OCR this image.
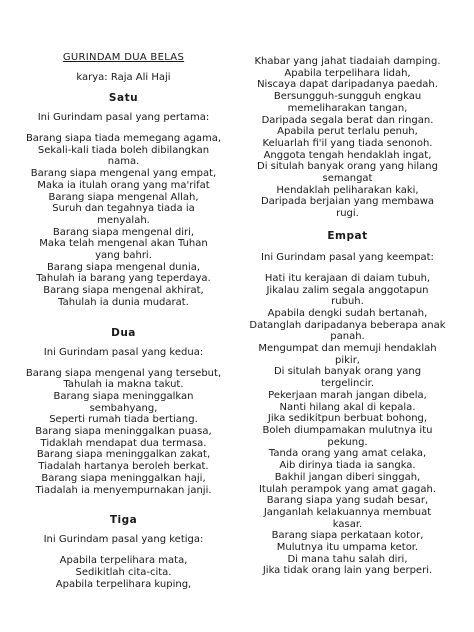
GURINDAM DUA BELAS
karya: Raja Ali Haji
Satu
Ini Gurindam pasal yang pertama:
Barang siapa tiada memegang agama,
Sekali-kali tiada boleh dibilangkan
nama.
Barang siapa mengenal yang empat,
Maka ia itulah orang yang ma'rifat
Barang siapa mengenal Allah,
Suruh dan tegahnya tiada ia
menyalah.
Barang siapa mengenal diri,
Maka telah mengenal akan Tuhan
yang bahri.
Barang siapa mengenal dunia,
Tahulah ia barang yang teperdaya.
Barang siapa mengenal akhirat,
Tahulah ia dunia mudarat.
Dua
Ini Gurindam pasal yang kedua:
Barang siapa mengenal yang tersebut,
Tahulah ia makna takut.
Barang siapa meninggalkan
sembahyang,
Seperti rumah tiada bertiang.
Barang siapa meninggalkan puasa,
Tidaklah mendapat dua termasa.
Barang siapa meninggalkan zakat,
Tiadalah hartanya beroleh berkat.
Barang siapa meninggalkan haji,
Tiadalah ia menyempurnakan janji.
Tiga
Ini Gurindam pasal yang ketiga:
Apabila terpelihara mata,
Sedikitlah cita-cita.
Apabila terpelihara kuping,
Khabar yang jahat tiadaiah damping.
Apabila terpelihara lidah,
Niscaya dapat daripadanya paedah.
Bersungguh-sungguh engkau
memeliharakan tangan,
Daripada segala berat dan ringan.
Apabila perut terlalu penuh,
Keluarlah fi'il yang tiada senonoh.
Anggota tengah hendaklah ingat,
Di situlah banyak orang yang hilang
semangat
Hendaklah peliharakan kaki,
Daripada berjaian yang membawa
rugi.
Empat
Ini Gurindam pasal yang keempat:
Hati itu kerajaan di daiam tubuh,
Jikalau zalim segala anggotapun
rubuh.
Apabila dengki sudah bertanah,
Datanglah daripadanya beberapa anak
panah.
Mengumpat dan memuji hendaklah
pikir,
Di situlah banyak orang yang
tergelincir.
Pekerjaan marah jangan dibela,
Nanti hilang akal di kepala.
Jika sedikitpun berbuat bohong,
Boleh diumpamakan mulutnya itu
pekung.
Tanda orang yang amat celaka,
Aib dirinya tiada ia sangka.
Bakhil jangan diberi singgah,
Itulah perampok yang amat gagah.
Barang siapa yang sudah besar,
Janganlah kelakuannya membuat
kasar.
Barang siapa perkataan kotor,
Mulutnya itu umpama ketor.
Di mana tahu salah diri,
Jika tidak orang lain yang berperi.
